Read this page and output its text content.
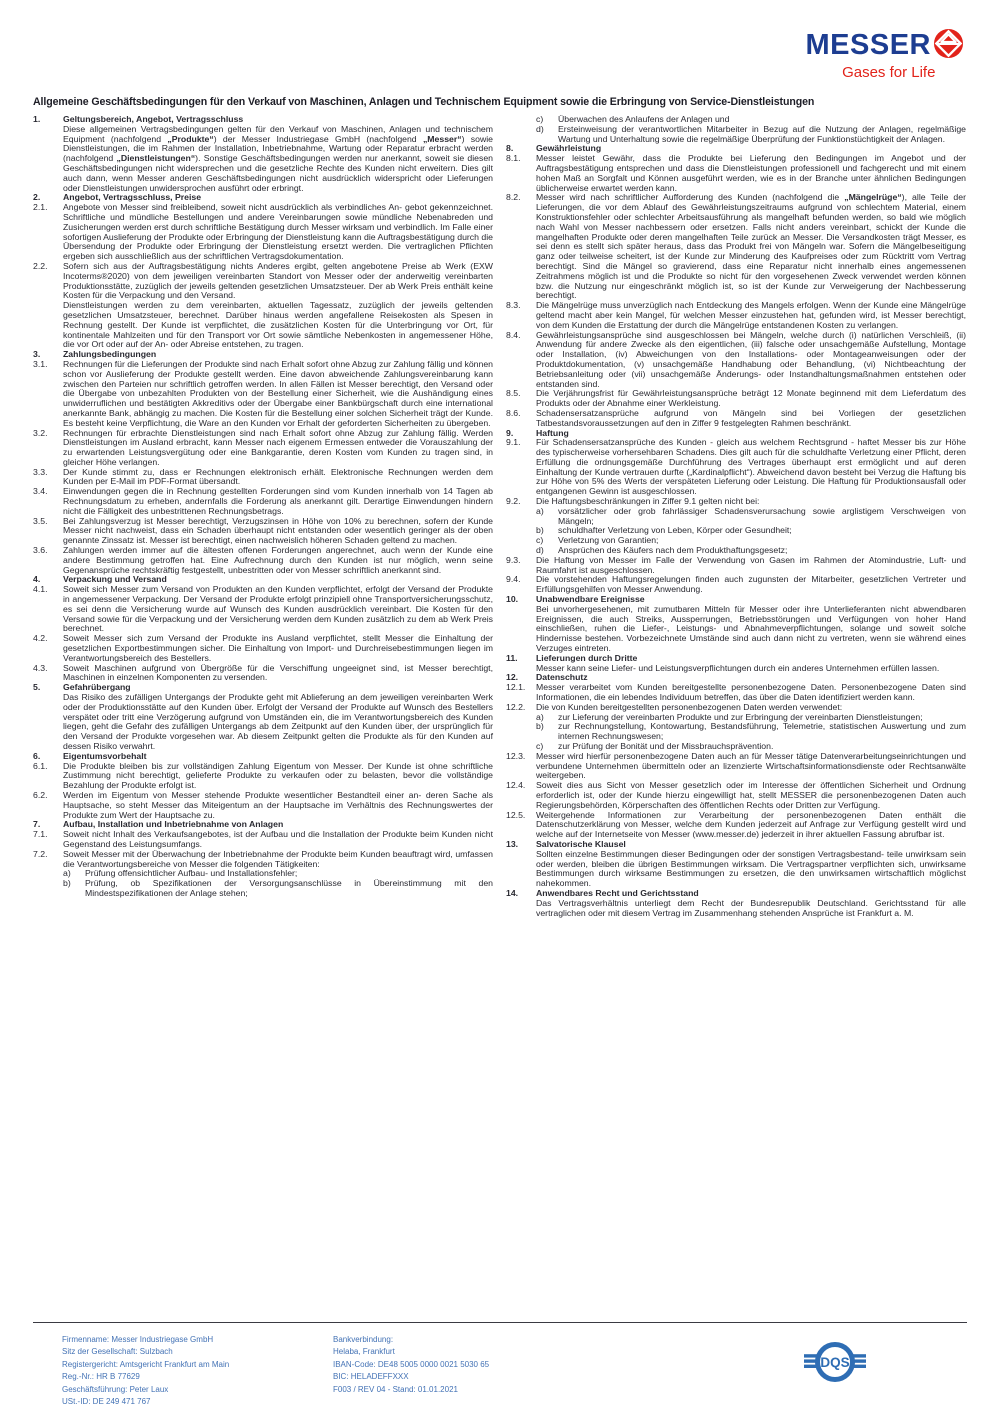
MESSER
Gases for Life
Allgemeine Geschäftsbedingungen für den Verkauf von Maschinen, Anlagen und Technischem Equipment sowie die Erbringung von Service-Dienstleistungen
1.	Geltungsbereich, Angebot, Vertragsschluss
Diese allgemeinen Vertragsbedingungen gelten für den Verkauf von Maschinen, Anlagen und technischem Equipment (nachfolgend „Produkte“) der Messer Industriegase GmbH (nachfolgend „Messer“) sowie Dienstleistungen, die im Rahmen der Installation, Inbetriebnahme, Wartung oder Reparatur erbracht werden (nachfolgend „Dienstleistungen“). Sonstige Geschäftsbedingungen werden nur anerkannt, soweit sie diesen Geschäftsbedingungen nicht widersprechen und die gesetzliche Rechte des Kunden nicht erweitern. Dies gilt auch dann, wenn Messer anderen Geschäftsbedingungen nicht ausdrücklich widerspricht oder Lieferungen oder Dienstleistungen unwidersprochen ausführt oder erbringt.
2.	Angebot, Vertragsschluss, Preise
2.1.	Angebote von Messer sind freibleibend, soweit nicht ausdrücklich als verbindliches An- gebot gekennzeichnet. Schriftliche und mündliche Bestellungen und andere Vereinbarungen sowie mündliche Nebenabreden und Zusicherungen werden erst durch schriftliche Bestätigung durch Messer wirksam und verbindlich. Im Falle einer sofortigen Auslieferung der Produkte oder Erbringung der Dienstleistung kann die Auftragsbestätigung durch die Übersendung der Produkte oder Erbringung der Dienstleistung ersetzt werden. Die vertraglichen Pflichten ergeben sich ausschließlich aus der schriftlichen Vertragsdokumentation.
2.2.	Sofern sich aus der Auftragsbestätigung nichts Anderes ergibt, gelten angebotene Preise ab Werk (EXW Incoterms®2020) von dem jeweiligen vereinbarten Standort von Messer oder der anderweitig vereinbarten Produktionsstätte, zuzüglich der jeweils geltenden gesetzlichen Umsatzsteuer. Der ab Werk Preis enthält keine Kosten für die Verpackung und den Versand.
Dienstleistungen werden zu dem vereinbarten, aktuellen Tagessatz, zuzüglich der jeweils geltenden gesetzlichen Umsatzsteuer, berechnet. Darüber hinaus werden angefallene Reisekosten als Spesen in Rechnung gestellt. Der Kunde ist verpflichtet, die zusätzlichen Kosten für die Unterbringung vor Ort, für kontinentale Mahlzeiten und für den Transport vor Ort sowie sämtliche Nebenkosten in angemessener Höhe, die vor Ort oder auf der An- oder Abreise entstehen, zu tragen.
3.	Zahlungsbedingungen
3.1.	Rechnungen für die Lieferungen der Produkte sind nach Erhalt sofort ohne Abzug zur Zahlung fällig und können schon vor Auslieferung der Produkte gestellt werden. Eine davon abweichende Zahlungsvereinbarung kann zwischen den Parteien nur schriftlich getroffen werden. In allen Fällen ist Messer berechtigt, den Versand oder die Übergabe von unbezahlten Produkten von der Bestellung einer Sicherheit, wie die Aushändigung eines unwiderruflichen und bestätigten Akkreditivs oder der Übergabe einer Bankbürgschaft durch eine international anerkannte Bank, abhängig zu machen. Die Kosten für die Bestellung einer solchen Sicherheit trägt der Kunde. Es besteht keine Verpflichtung, die Ware an den Kunden vor Erhalt der geforderten Sicherheiten zu übergeben.
3.2.	Rechnungen für erbrachte Dienstleistungen sind nach Erhalt sofort ohne Abzug zur Zahlung fällig. Werden Dienstleistungen im Ausland erbracht, kann Messer nach eigenem Ermessen entweder die Vorauszahlung der zu erwartenden Leistungsvergütung oder eine Bankgarantie, deren Kosten vom Kunden zu tragen sind, in gleicher Höhe verlangen.
3.3.	Der Kunde stimmt zu, dass er Rechnungen elektronisch erhält. Elektronische Rechnungen werden dem Kunden per E-Mail im PDF-Format übersandt.
3.4.	Einwendungen gegen die in Rechnung gestellten Forderungen sind vom Kunden innerhalb von 14 Tagen ab Rechnungsdatum zu erheben, andernfalls die Forderung als anerkannt gilt. Derartige Einwendungen hindern nicht die Fälligkeit des unbestrittenen Rechnungsbetrags.
3.5.	Bei Zahlungsverzug ist Messer berechtigt, Verzugszinsen in Höhe von 10% zu berechnen, sofern der Kunde Messer nicht nachweist, dass ein Schaden überhaupt nicht entstanden oder wesentlich geringer als der oben genannte Zinssatz ist. Messer ist berechtigt, einen nachweislich höheren Schaden geltend zu machen.
3.6.	Zahlungen werden immer auf die ältesten offenen Forderungen angerechnet, auch wenn der Kunde eine andere Bestimmung getroffen hat. Eine Aufrechnung durch den Kunden ist nur möglich, wenn seine Gegenansprüche rechtskräftig festgestellt, unbestritten oder von Messer schriftlich anerkannt sind.
4.	Verpackung und Versand
4.1.	Soweit sich Messer zum Versand von Produkten an den Kunden verpflichtet, erfolgt der Versand der Produkte in angemessener Verpackung. Der Versand der Produkte erfolgt prinzipiell ohne Transportversicherungsschutz, es sei denn die Versicherung wurde auf Wunsch des Kunden ausdrücklich vereinbart. Die Kosten für den Versand sowie für die Verpackung und der Versicherung werden dem Kunden zusätzlich zu dem ab Werk Preis berechnet.
4.2.	Soweit Messer sich zum Versand der Produkte ins Ausland verpflichtet, stellt Messer die Einhaltung der gesetzlichen Exportbestimmungen sicher. Die Einhaltung von Import- und Durchreisebestimmungen liegen im Verantwortungsbereich des Bestellers.
4.3.	Soweit Maschinen aufgrund von Übergröße für die Verschiffung ungeeignet sind, ist Messer berechtigt, Maschinen in einzelnen Komponenten zu versenden.
5.	Gefahrübergang
Das Risiko des zufälligen Untergangs der Produkte geht mit Ablieferung an dem jeweiligen vereinbarten Werk oder der Produktionsstätte auf den Kunden über. Erfolgt der Versand der Produkte auf Wunsch des Bestellers verspätet oder tritt eine Verzögerung aufgrund von Umständen ein, die im Verantwortungsbereich des Kunden liegen, geht die Gefahr des zufälligen Untergangs ab dem Zeitpunkt auf den Kunden über, der ursprünglich für den Versand der Produkte vorgesehen war. Ab diesem Zeitpunkt gelten die Produkte als für den Kunden auf dessen Risiko verwahrt.
6.	Eigentumsvorbehalt
6.1.	Die Produkte bleiben bis zur vollständigen Zahlung Eigentum von Messer. Der Kunde ist ohne schriftliche Zustimmung nicht berechtigt, gelieferte Produkte zu verkaufen oder zu belasten, bevor die vollständige Bezahlung der Produkte erfolgt ist.
6.2.	Werden im Eigentum von Messer stehende Produkte wesentlicher Bestandteil einer an- deren Sache als Hauptsache, so steht Messer das Miteigentum an der Hauptsache im Verhältnis des Rechnungswertes der Produkte zum Wert der Hauptsache zu.
7.	Aufbau, Installation und Inbetriebnahme von Anlagen
7.1.	Soweit nicht Inhalt des Verkaufsangebotes, ist der Aufbau und die Installation der Produkte beim Kunden nicht Gegenstand des Leistungsumfangs.
7.2.	Soweit Messer mit der Überwachung der Inbetriebnahme der Produkte beim Kunden beauftragt wird, umfassen die Verantwortungsbereiche von Messer die folgenden Tätigkeiten:
a)	Prüfung offensichtlicher Aufbau- und Installationsfehler;
b)	Prüfung, ob Spezifikationen der Versorgungsanschlüsse in Übereinstimmung mit den Mindestspezifikationen der Anlage stehen;
c)	Überwachen des Anlaufens der Anlagen und
d)	Ersteinweisung der verantwortlichen Mitarbeiter in Bezug auf die Nutzung der Anlagen, regelmäßige Wartung und Unterhaltung sowie die regelmäßige Überprüfung der Funktionstüchtigkeit der Anlagen.
8.	Gewährleistung
8.1.	Messer leistet Gewähr, dass die Produkte bei Lieferung den Bedingungen im Angebot und der Auftragsbestätigung entsprechen und dass die Dienstleistungen professionell und fachgerecht und mit einem hohen Maß an Sorgfalt und Können ausgeführt werden, wie es in der Branche unter ähnlichen Bedingungen üblicherweise erwartet werden kann.
8.2.	Messer wird nach schriftlicher Aufforderung des Kunden (nachfolgend die „Mängelrüge“), alle Teile der Lieferungen, die vor dem Ablauf des Gewährleistungszeitraums aufgrund von schlechtem Material, einem Konstruktionsfehler oder schlechter Arbeitsausführung als mangelhaft befunden werden, so bald wie möglich nach Wahl von Messer nachbessern oder ersetzen. Falls nicht anders vereinbart, schickt der Kunde die mangelhaften Produkte oder deren mangelhaften Teile zurück an Messer. Die Versandkosten trägt Messer, es sei denn es stellt sich später heraus, dass das Produkt frei von Mängeln war. Sofern die Mängelbeseitigung ganz oder teilweise scheitert, ist der Kunde zur Minderung des Kaufpreises oder zum Rücktritt vom Vertrag berechtigt. Sind die Mängel so gravierend, dass eine Reparatur nicht innerhalb eines angemessenen Zeitrahmens möglich ist und die Produkte so nicht für den vorgesehenen Zweck verwendet werden können bzw. die Nutzung nur eingeschränkt möglich ist, so ist der Kunde zur Verweigerung der Nachbesserung berechtigt.
8.3.	Die Mängelrüge muss unverzüglich nach Entdeckung des Mangels erfolgen. Wenn der Kunde eine Mängelrüge geltend macht aber kein Mangel, für welchen Messer einzustehen hat, gefunden wird, ist Messer berechtigt, von dem Kunden die Erstattung der durch die Mängelrüge entstandenen Kosten zu verlangen.
8.4.	Gewährleistungsansprüche sind ausgeschlossen bei Mängeln, welche durch (i) natürlichen Verschleiß, (ii) Anwendung für andere Zwecke als den eigentlichen, (iii) falsche oder unsachgemäße Aufstellung, Montage oder Installation, (iv) Abweichungen von den Installations- oder Montageanweisungen oder der Produktdokumentation, (v) unsachgemäße Handhabung oder Behandlung, (vi) Nichtbeachtung der Betriebsanleitung oder (vii) unsachgemäße Änderungs- oder Instandhaltungsmaßnahmen entstehen oder entstanden sind.
8.5.	Die Verjährungsfrist für Gewährleistungsansprüche beträgt 12 Monate beginnend mit dem Lieferdatum des Produkts oder der Abnahme einer Werkleistung.
8.6.	Schadensersatzansprüche aufgrund von Mängeln sind bei Vorliegen der gesetzlichen Tatbestandsvoraussetzungen auf den in Ziffer 9 festgelegten Rahmen beschränkt.
9.	Haftung
9.1.	Für Schadensersatzansprüche des Kunden - gleich aus welchem Rechtsgrund - haftet Messer bis zur Höhe des typischerweise vorhersehbaren Schadens. Dies gilt auch für die schuldhafte Verletzung einer Pflicht, deren Erfüllung die ordnungsgemäße Durchführung des Vertrages überhaupt erst ermöglicht und auf deren Einhaltung der Kunde vertrauen durfte („Kardinalpflicht“). Abweichend davon besteht bei Verzug die Haftung bis zur Höhe von 5% des Werts der verspäteten Lieferung oder Leistung. Die Haftung für Produktionsausfall oder entgangenen Gewinn ist ausgeschlossen.
9.2.	Die Haftungsbeschränkungen in Ziffer 9.1 gelten nicht bei:
a)	vorsätzlicher oder grob fahrlässiger Schadensverursachung sowie arglistigem Verschweigen von Mängeln;
b)	schuldhafter Verletzung von Leben, Körper oder Gesundheit;
c)	Verletzung von Garantien;
d)	Ansprüchen des Käufers nach dem Produkthaftungsgesetz;
9.3.	Die Haftung von Messer im Falle der Verwendung von Gasen im Rahmen der Atomindustrie, Luft- und Raumfahrt ist ausgeschlossen.
9.4.	Die vorstehenden Haftungsregelungen finden auch zugunsten der Mitarbeiter, gesetzlichen Vertreter und Erfüllungsgehilfen von Messer Anwendung.
10.	Unabwendbare Ereignisse
Bei unvorhergesehenen, mit zumutbaren Mitteln für Messer oder ihre Unterlieferanten nicht abwendbaren Ereignissen, die auch Streiks, Aussperrungen, Betriebsstörungen und Verfügungen von hoher Hand einschließen, ruhen die Liefer-, Leistungs- und Abnahmeverpflichtungen, solange und soweit solche Hindernisse bestehen. Vorbezeichnete Umstände sind auch dann nicht zu vertreten, wenn sie während eines Verzuges eintreten.
11.	Lieferungen durch Dritte
Messer kann seine Liefer- und Leistungsverpflichtungen durch ein anderes Unternehmen erfüllen lassen.
12.	Datenschutz
12.1.	Messer verarbeitet vom Kunden bereitgestellte personenbezogene Daten. Personenbezogene Daten sind Informationen, die ein lebendes Individuum betreffen, das über die Daten identifiziert werden kann.
12.2.	Die von Kunden bereitgestellten personenbezogenen Daten werden verwendet:
a)	zur Lieferung der vereinbarten Produkte und zur Erbringung der vereinbarten Dienstleistungen;
b)	zur Rechnungstellung, Kontowartung, Bestandsführung, Telemetrie, statistischen Auswertung und zum internen Rechnungswesen;
c)	zur Prüfung der Bonität und der Missbrauchsprävention.
12.3.	Messer wird hierfür personenbezogene Daten auch an für Messer tätige Datenverarbeitungseinrichtungen und verbundene Unternehmen übermitteln oder an lizenzierte Wirtschaftsinformationsdienste oder Rechtsanwälte weitergeben.
12.4.	Soweit dies aus Sicht von Messer gesetzlich oder im Interesse der öffentlichen Sicherheit und Ordnung erforderlich ist, oder der Kunde hierzu eingewilligt hat, stellt MESSER die personenbezogenen Daten auch Regierungsbehörden, Körperschaften des öffentlichen Rechts oder Dritten zur Verfügung.
12.5.	Weitergehende Informationen zur Verarbeitung der personenbezogenen Daten enthält die Datenschutzerklärung von Messer, welche dem Kunden jederzeit auf Anfrage zur Verfügung gestellt wird und welche auf der Internetseite von Messer (www.messer.de) jederzeit in ihrer aktuellen Fassung abrufbar ist.
13.	Salvatorische Klausel
Sollten einzelne Bestimmungen dieser Bedingungen oder der sonstigen Vertragsbestand- teile unwirksam sein oder werden, bleiben die übrigen Bestimmungen wirksam. Die Vertragspartner verpflichten sich, unwirksame Bestimmungen durch wirksame Bestimmungen zu ersetzen, die den unwirksamen wirtschaftlich möglichst nahekommen.
14.	Anwendbares Recht und Gerichtsstand
Das Vertragsverhältnis unterliegt dem Recht der Bundesrepublik Deutschland. Gerichtsstand für alle vertraglichen oder mit diesem Vertrag im Zusammenhang stehenden Ansprüche ist Frankfurt a. M.
Firmenname: Messer Industriegase GmbH
Sitz der Gesellschaft: Sulzbach
Registergericht: Amtsgericht Frankfurt am Main
Reg.-Nr.: HR B 77629
Geschäftsführung: Peter Laux
USt.-ID: DE 249 471 767
Bankverbindung:
Helaba, Frankfurt
IBAN-Code: DE48 5005 0000 0021 5030 65
BIC: HELADEFFXXX
F003 / REV 04 - Stand: 01.01.2021
DQS
